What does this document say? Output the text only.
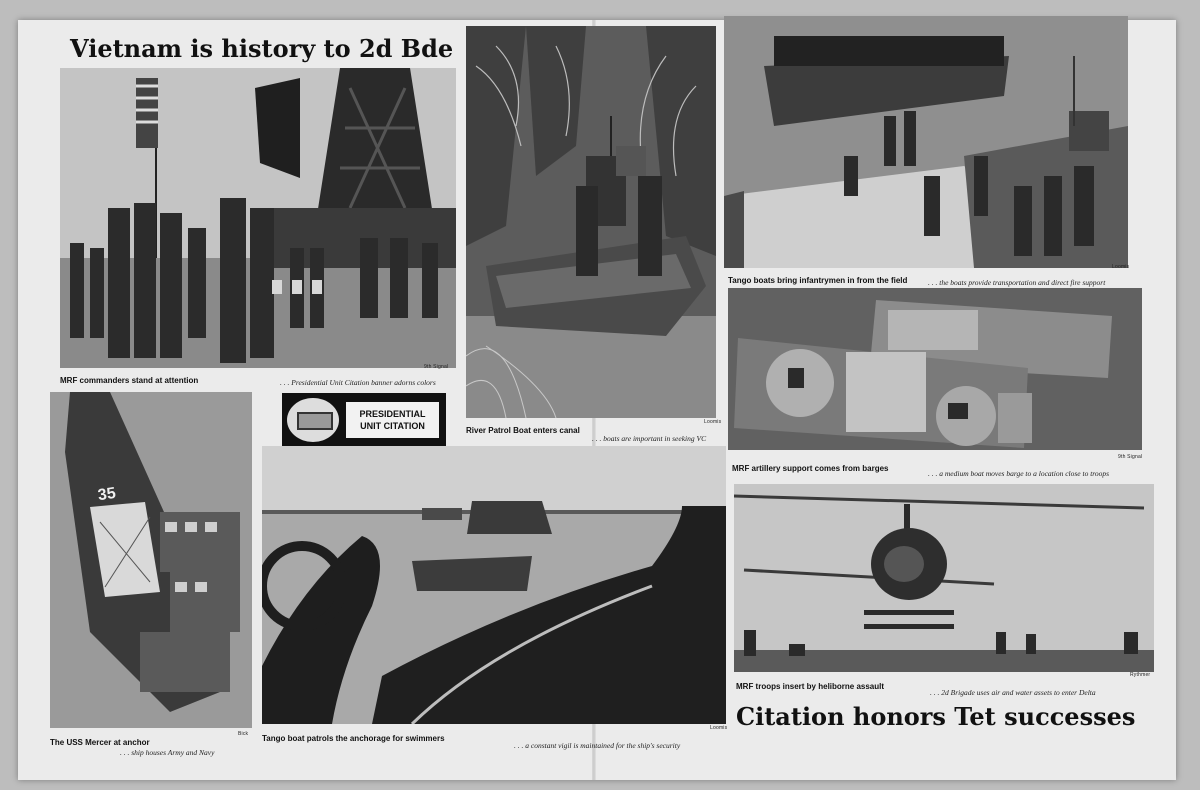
Vietnam is history to 2d Bde
9th Signal
MRF commanders stand at attention	. . . Presidential Unit Citation banner adorns colors
Loomis
River Patrol Boat enters canal
. . . boats are important in seeking VC
PRESIDENTIAL
UNIT CITATION
Loomis
Tango boats bring infantrymen in from the field	. . . the boats provide transportation and direct fire support
9th Signal
MRF artillery support comes from barges
. . . a medium boat moves barge to a location close to troops
35
Bick
The USS Mercer at anchor
. . . ship houses Army and Navy
Loomis
Tango boat patrols the anchorage for swimmers
. . . a constant vigil is maintained for the ship's security
Rythmer
MRF troops insert by heliborne assault
. . . 2d Brigade uses air and water assets to enter Delta
Citation honors Tet successes
